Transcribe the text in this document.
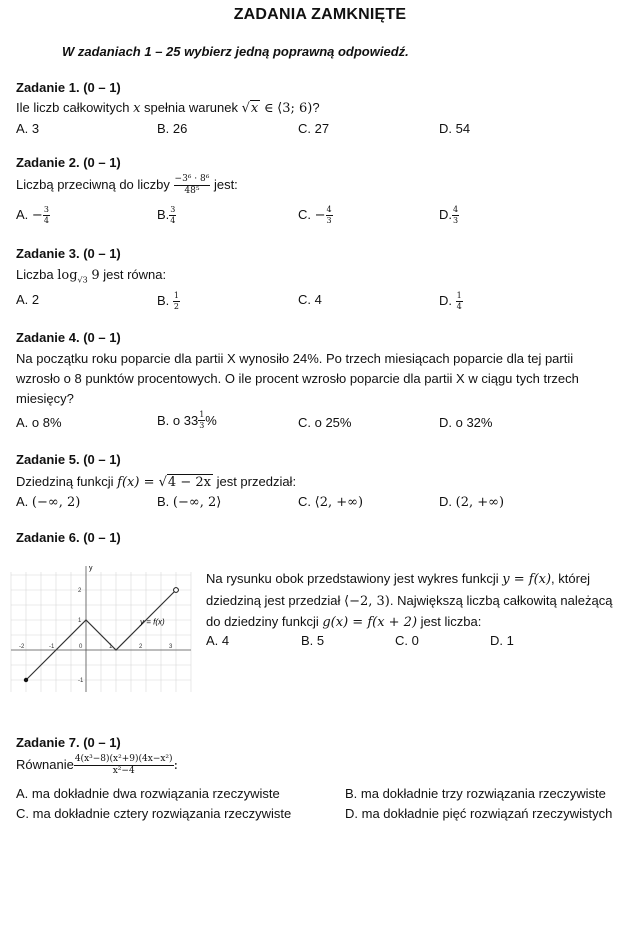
ZADANIA ZAMKNIĘTE
W zadaniach 1 – 25 wybierz jedną poprawną odpowiedź.
Zadanie 1. (0 – 1)
Ile liczb całkowitych x spełnia warunek √x ∈ ⟨3; 6)?
A. 3	B. 26	C. 27	D. 54
Zadanie 2. (0 – 1)
Liczbą przeciwną do liczby $\frac{\text{−3⁶ · 8⁶}}{\text{48⁵}}$ jest:
A. − $\frac{3}{4}$	B. $\frac{3}{4}$	C. − $\frac{4}{3}$	D. $\frac{4}{3}$
Zadanie 3. (0 – 1)
Liczba $\log_{√3} 9$ jest równa:
A. 2	B. $\frac{1}{2}$	C. 4	D. $\frac{1}{4}$
Zadanie 4. (0 – 1)
Na początku roku poparcie dla partii X wynosiło 24%. Po trzech miesiącach poparcie dla tej partii
wzrosło o 8 punktów procentowych. O ile procent wzrosło poparcie dla partii X w ciągu tych trzech
miesięcy?
A. o 8%	B. o $33 \frac{1}{3}$ %	C. o 25%	D. o 32%
Zadanie 5. (0 – 1)
Dziedziną funkcji f(x) = √4 − 2x jest przedział:
A. (−∞, 2)	B. (−∞, 2⟩	C. ⟨2, +∞)	D. (2, +∞)
Zadanie 6. (0 – 1)
-2	-1	0	1	2	3
2
1
-1
y
y = f(x)
Na rysunku obok przedstawiony jest wykres funkcji y = f(x), której
dziedziną jest przedział ⟨−2, 3). Największą liczbą całkowitą należącą
do dziedziny funkcji g(x) = f(x + 2) jest liczba:
A. 4	B. 5	C. 0	D. 1
Zadanie 7. (0 – 1)
Równanie $\frac{\text{4(x³−8)(x²+9)(4x−x²)}}{\text{x²−4}}$ :
A. ma dokładnie dwa rozwiązania rzeczywiste	B. ma dokładnie trzy rozwiązania rzeczywiste
C. ma dokładnie cztery rozwiązania rzeczywiste	D. ma dokładnie pięć rozwiązań rzeczywistych
